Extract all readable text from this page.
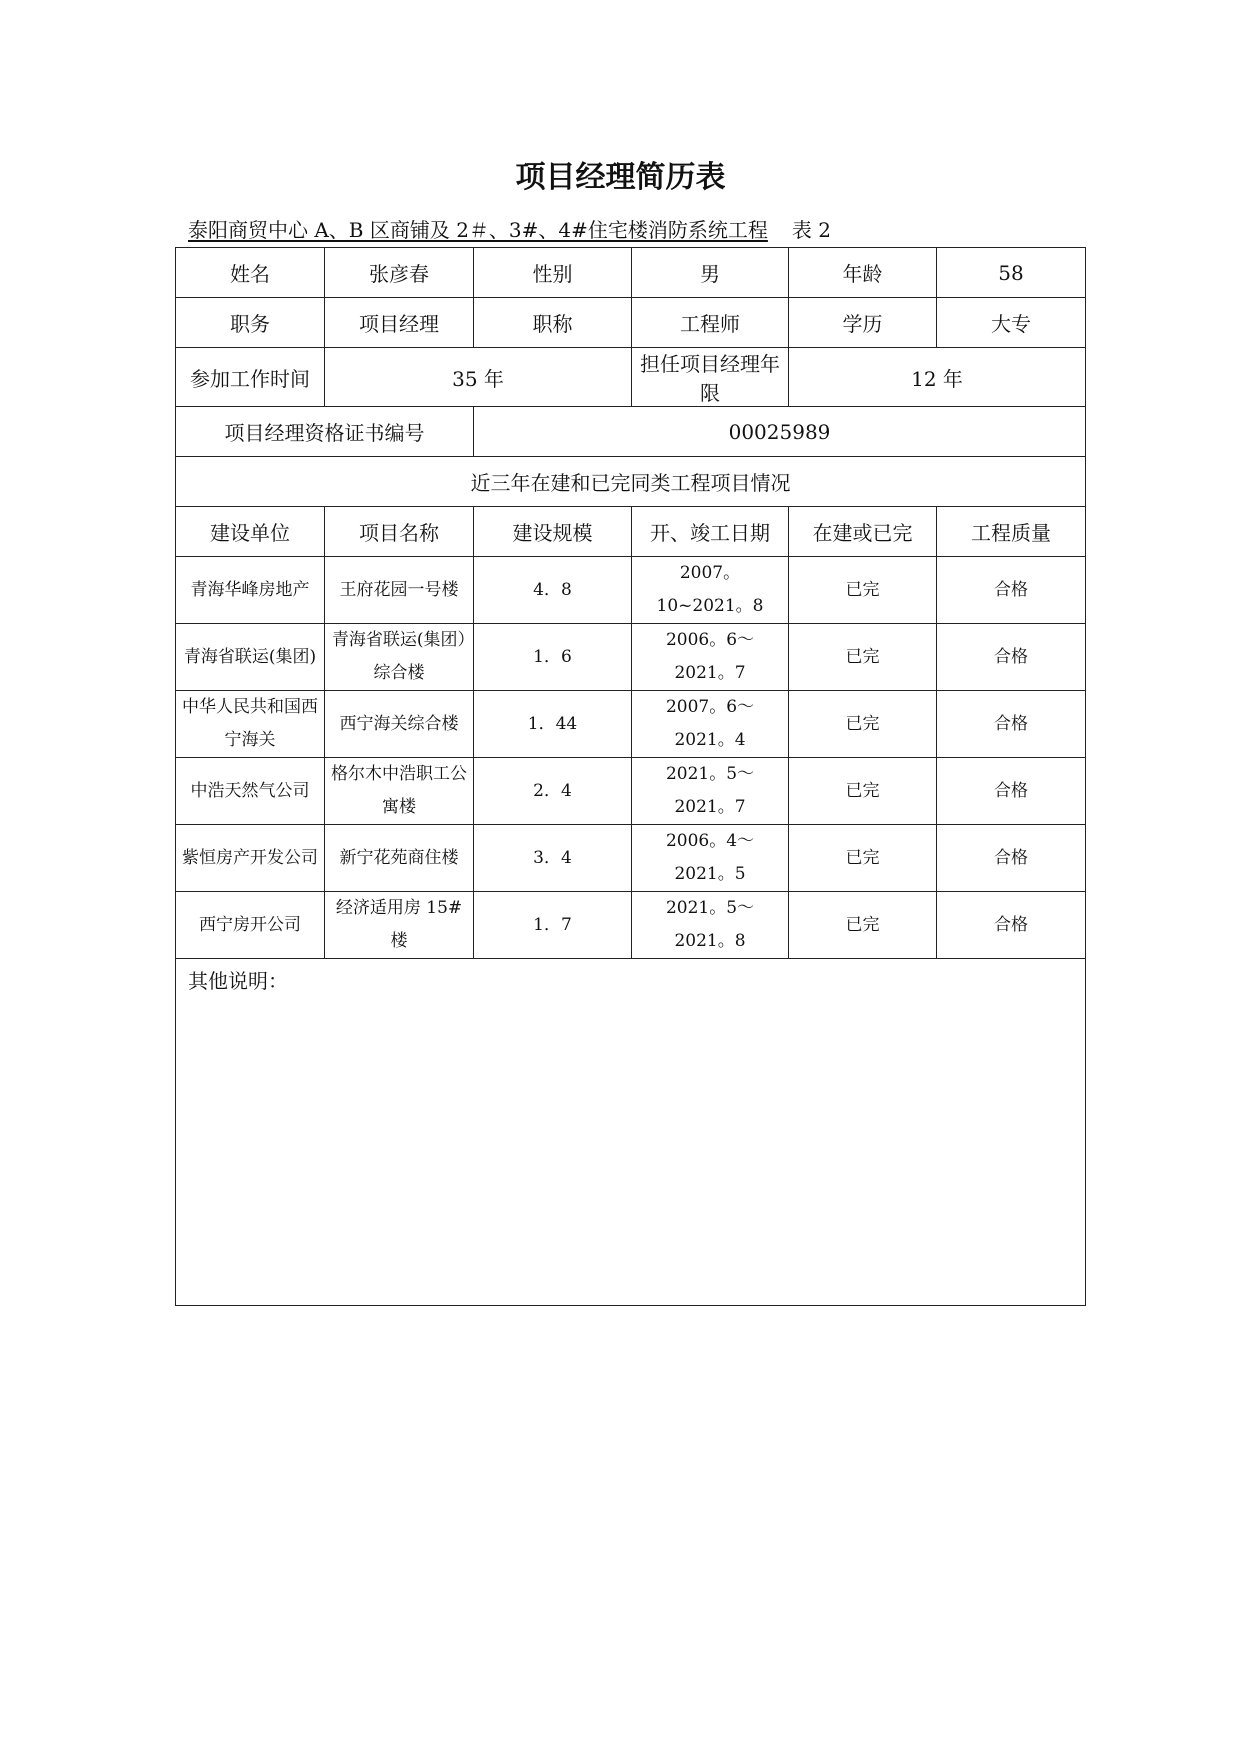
项目经理简历表
泰阳商贸中心 A、B 区商铺及 2＃、3#、4#住宅楼消防系统工程 表 2
姓名	张彦春	性别	男	年龄	58
职务	项目经理	职称	工程师	学历	大专
参加工作时间	35 年		担任项目经理年限	12 年	
项目经理资格证书编号		00025989			
近三年在建和已完同类工程项目情况					
建设单位	项目名称	建设规模	开、竣工日期	在建或已完	工程质量
青海华峰房地产	王府花园一号楼	4．8	2007。10~2021。8	已完	合格
青海省联运(集团)	青海省联运(集团）综合楼	1．6	2006。6～2021。7	已完	合格
中华人民共和国西宁海关	西宁海关综合楼	1．44	2007。6～2021。4	已完	合格
中浩天然气公司	格尔木中浩职工公寓楼	2．4	2021。5～2021。7	已完	合格
紫恒房产开发公司	新宁花苑商住楼	3．4	2006。4～2021。5	已完	合格
西宁房开公司	经济适用房 15#楼	1．7	2021。5～2021。8	已完	合格
其他说明：					
